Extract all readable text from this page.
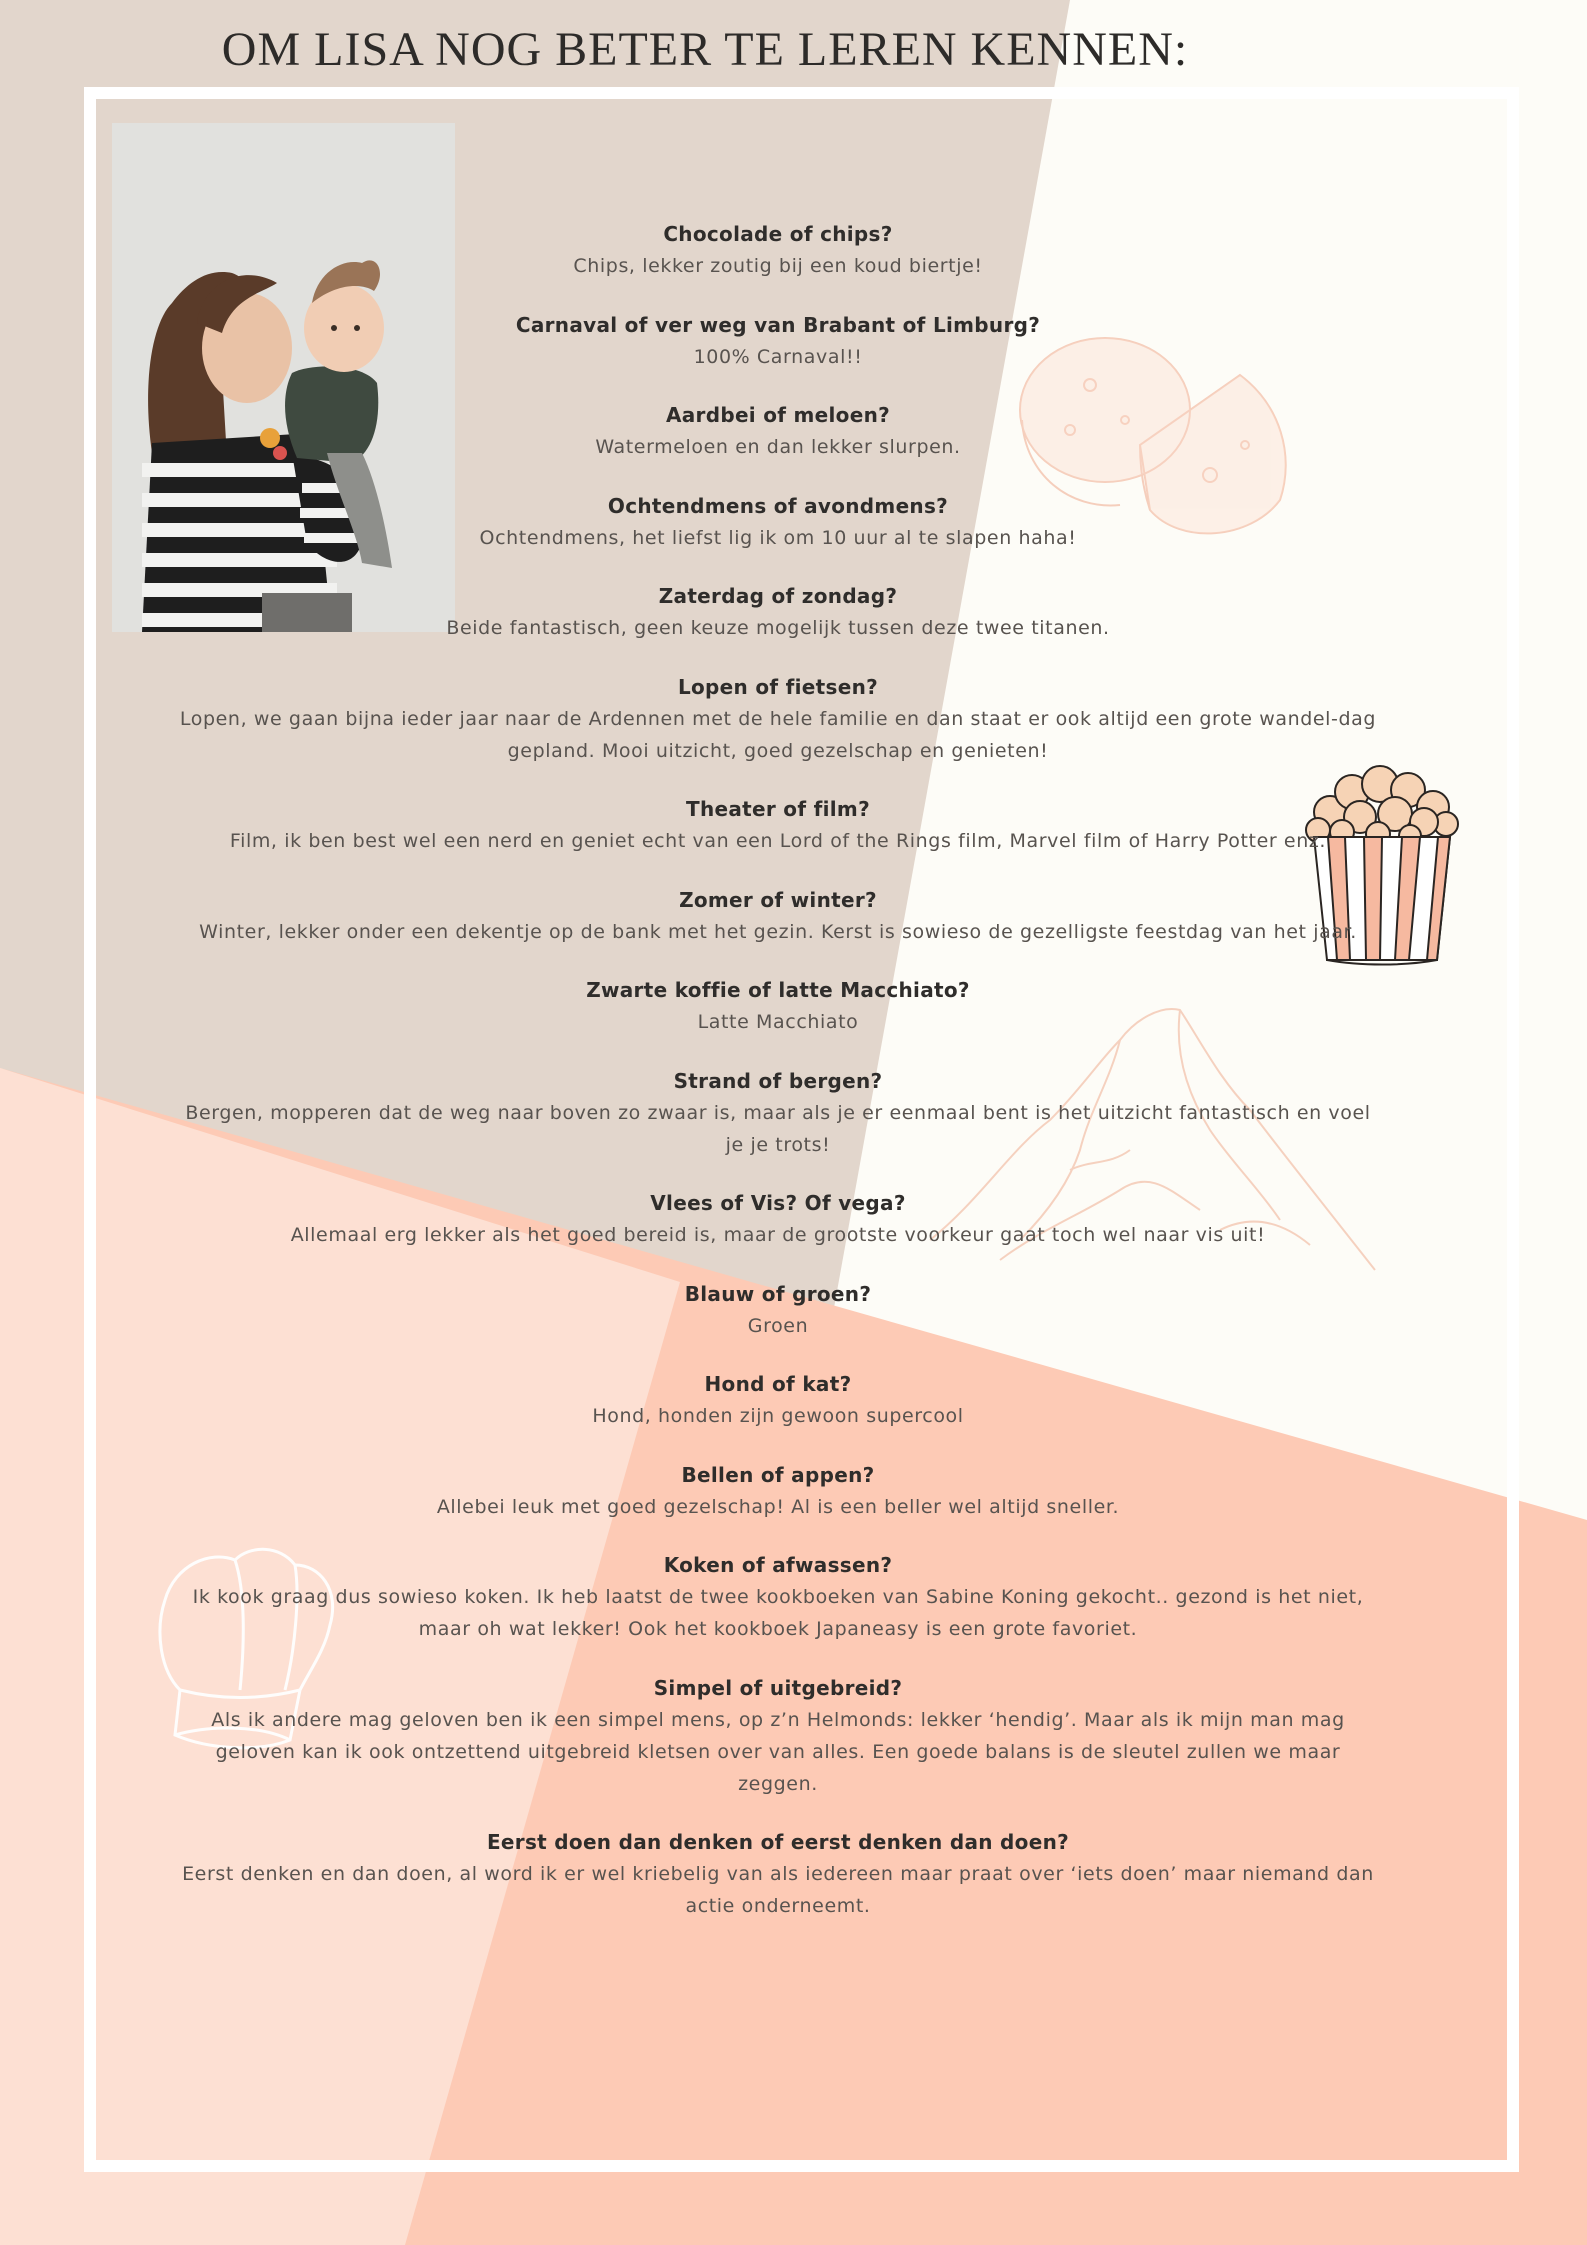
OM LISA NOG BETER TE LEREN KENNEN:
Chocolade of chips?
Chips, lekker zoutig bij een koud biertje!
Carnaval of ver weg van Brabant of Limburg?
100% Carnaval!!
Aardbei of meloen?
Watermeloen en dan lekker slurpen.
Ochtendmens of avondmens?
Ochtendmens, het liefst lig ik om 10 uur al te slapen haha!
Zaterdag of zondag?
Beide fantastisch, geen keuze mogelijk tussen deze twee titanen.
Lopen of fietsen?
Lopen, we gaan bijna ieder jaar naar de Ardennen met de hele familie en dan staat er ook altijd een grote wandel-dag gepland. Mooi uitzicht, goed gezelschap en genieten!
Theater of film?
Film, ik ben best wel een nerd en geniet echt van een Lord of the Rings film, Marvel film of Harry Potter enz.
Zomer of winter?
Winter, lekker onder een dekentje op de bank met het gezin. Kerst is sowieso de gezelligste feestdag van het jaar.
Zwarte koffie of latte Macchiato?
Latte Macchiato
Strand of bergen?
Bergen, mopperen dat de weg naar boven zo zwaar is, maar als je er eenmaal bent is het uitzicht fantastisch en voel je je trots!
Vlees of Vis? Of vega?
Allemaal erg lekker als het goed bereid is, maar de grootste voorkeur gaat toch wel naar vis uit!
Blauw of groen?
Groen
Hond of kat?
Hond, honden zijn gewoon supercool
Bellen of appen?
Allebei leuk met goed gezelschap! Al is een beller wel altijd sneller.
Koken of afwassen?
Ik kook graag dus sowieso koken. Ik heb laatst de twee kookboeken van Sabine Koning gekocht.. gezond is het niet, maar oh wat lekker! Ook het kookboek Japaneasy is een grote favoriet.
Simpel of uitgebreid?
Als ik andere mag geloven ben ik een simpel mens, op z’n Helmonds: lekker ‘hendig’. Maar als ik mijn man mag geloven kan ik ook ontzettend uitgebreid kletsen over van alles. Een goede balans is de sleutel zullen we maar zeggen.
Eerst doen dan denken of eerst denken dan doen?
Eerst denken en dan doen, al word ik er wel kriebelig van als iedereen maar praat over ‘iets doen’ maar niemand dan actie onderneemt.
